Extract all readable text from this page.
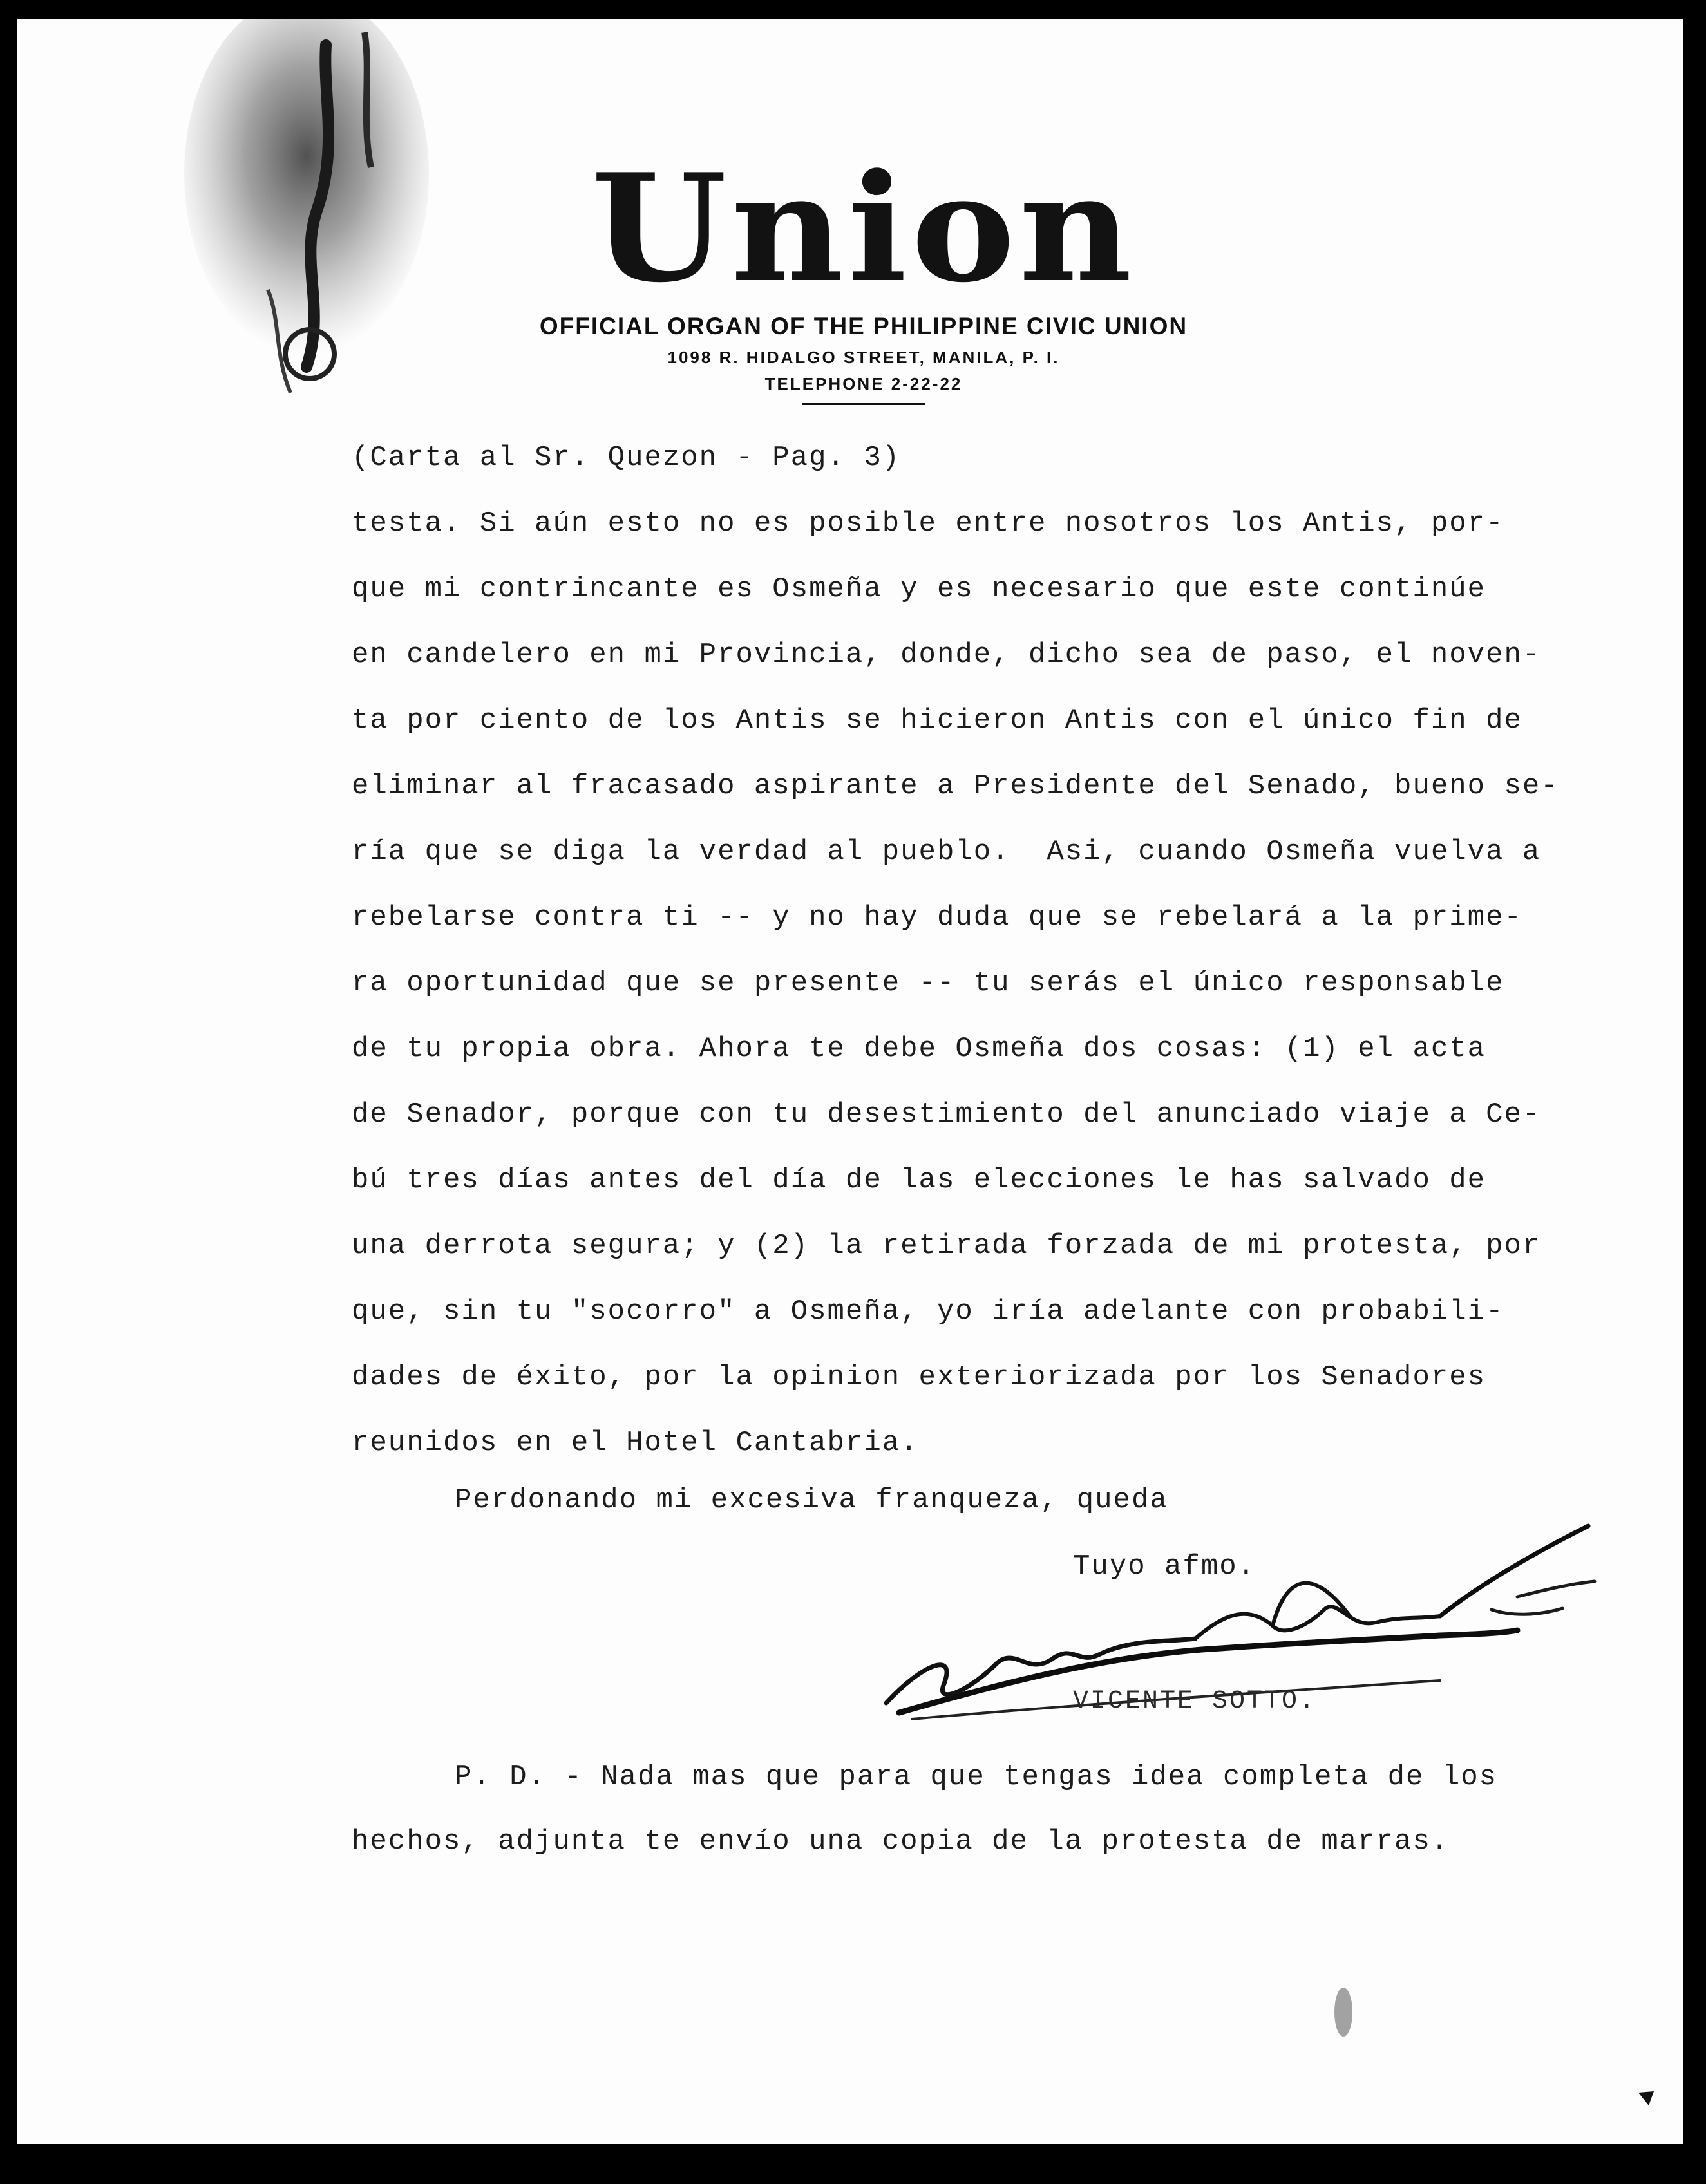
Union
OFFICIAL ORGAN OF THE PHILIPPINE CIVIC UNION
1098 R. HIDALGO STREET, MANILA, P. I.
TELEPHONE 2-22-22
(Carta al Sr. Quezon - Pag. 3)
testa. Si aún esto no es posible entre nosotros los Antis, por-
que mi contrincante es Osmeña y es necesario que este continúe
en candelero en mi Provincia, donde, dicho sea de paso, el noven-
ta por ciento de los Antis se hicieron Antis con el único fin de
eliminar al fracasado aspirante a Presidente del Senado, bueno se-
ría que se diga la verdad al pueblo.  Asi, cuando Osmeña vuelva a
rebelarse contra ti -- y no hay duda que se rebelará a la prime-
ra oportunidad que se presente -- tu serás el único responsable
de tu propia obra. Ahora te debe Osmeña dos cosas: (1) el acta
de Senador, porque con tu desestimiento del anunciado viaje a Ce-
bú tres días antes del día de las elecciones le has salvado de
una derrota segura; y (2) la retirada forzada de mi protesta, por
que, sin tu "socorro" a Osmeña, yo iría adelante con probabili-
dades de éxito, por la opinion exteriorizada por los Senadores
reunidos en el Hotel Cantabria.
Perdonando mi excesiva franqueza, queda
Tuyo afmo.
VICENTE SOTTO.
P. D. - Nada mas que para que tengas idea completa de los
hechos, adjunta te envío una copia de la protesta de marras.
